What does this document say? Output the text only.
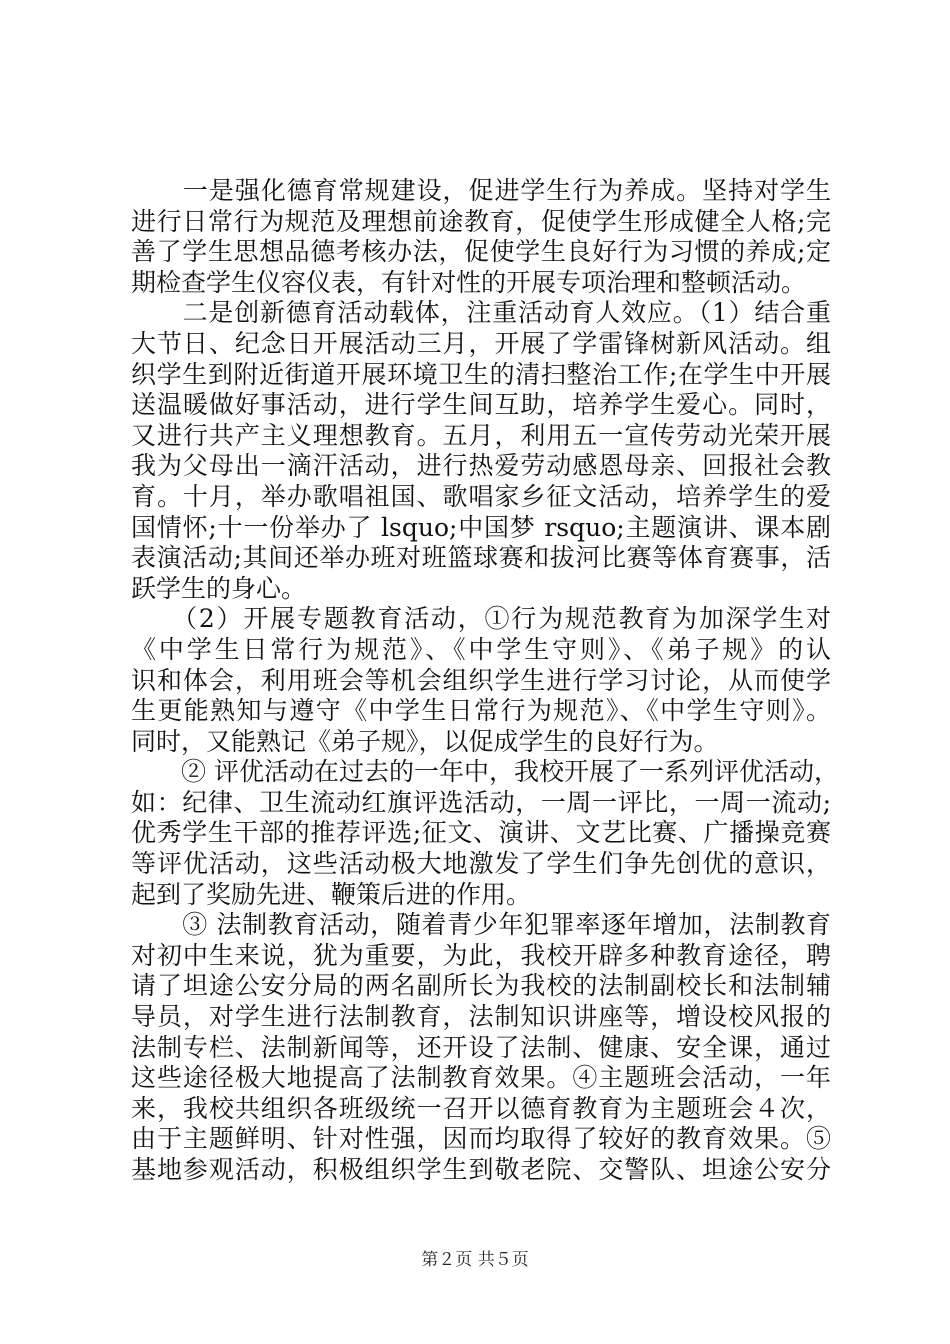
　　一是强化德育常规建设，促进学生行为养成。坚持对学生
进行日常行为规范及理想前途教育，促使学生形成健全人格;完
善了学生思想品德考核办法，促使学生良好行为习惯的养成;定
期检查学生仪容仪表，有针对性的开展专项治理和整顿活动。
　　二是创新德育活动载体，注重活动育人效应。（1）结合重
大节日、纪念日开展活动三月，开展了学雷锋树新风活动。组
织学生到附近街道开展环境卫生的清扫整治工作;在学生中开展
送温暖做好事活动，进行学生间互助，培养学生爱心。同时，
又进行共产主义理想教育。五月，利用五一宣传劳动光荣开展
我为父母出一滴汗活动，进行热爱劳动感恩母亲、回报社会教
育。十月，举办歌唱祖国、歌唱家乡征文活动，培养学生的爱
国情怀;十一份举办了 lsquo;中国梦 rsquo;主题演讲、课本剧
表演活动;其间还举办班对班篮球赛和拔河比赛等体育赛事，活
跃学生的身心。
　　（2）开展专题教育活动，①行为规范教育为加深学生对
《中学生日常行为规范》、《中学生守则》、《弟子规》的认
识和体会，利用班会等机会组织学生进行学习讨论，从而使学
生更能熟知与遵守《中学生日常行为规范》、《中学生守则》。
同时，又能熟记《弟子规》，以促成学生的良好行为。
　　② 评优活动在过去的一年中，我校开展了一系列评优活动，
如：纪律、卫生流动红旗评选活动，一周一评比，一周一流动;
优秀学生干部的推荐评选;征文、演讲、文艺比赛、广播操竞赛
等评优活动，这些活动极大地激发了学生们争先创优的意识，
起到了奖励先进、鞭策后进的作用。
　　③ 法制教育活动，随着青少年犯罪率逐年增加，法制教育
对初中生来说，犹为重要，为此，我校开辟多种教育途径，聘
请了坦途公安分局的两名副所长为我校的法制副校长和法制辅
导员，对学生进行法制教育，法制知识讲座等，增设校风报的
法制专栏、法制新闻等，还开设了法制、健康、安全课，通过
这些途径极大地提高了法制教育效果。④主题班会活动，一年
来，我校共组织各班级统一召开以德育教育为主题班会４次，
由于主题鲜明、针对性强，因而均取得了较好的教育效果。⑤
基地参观活动，积极组织学生到敬老院、交警队、坦途公安分
第２页 共５页
